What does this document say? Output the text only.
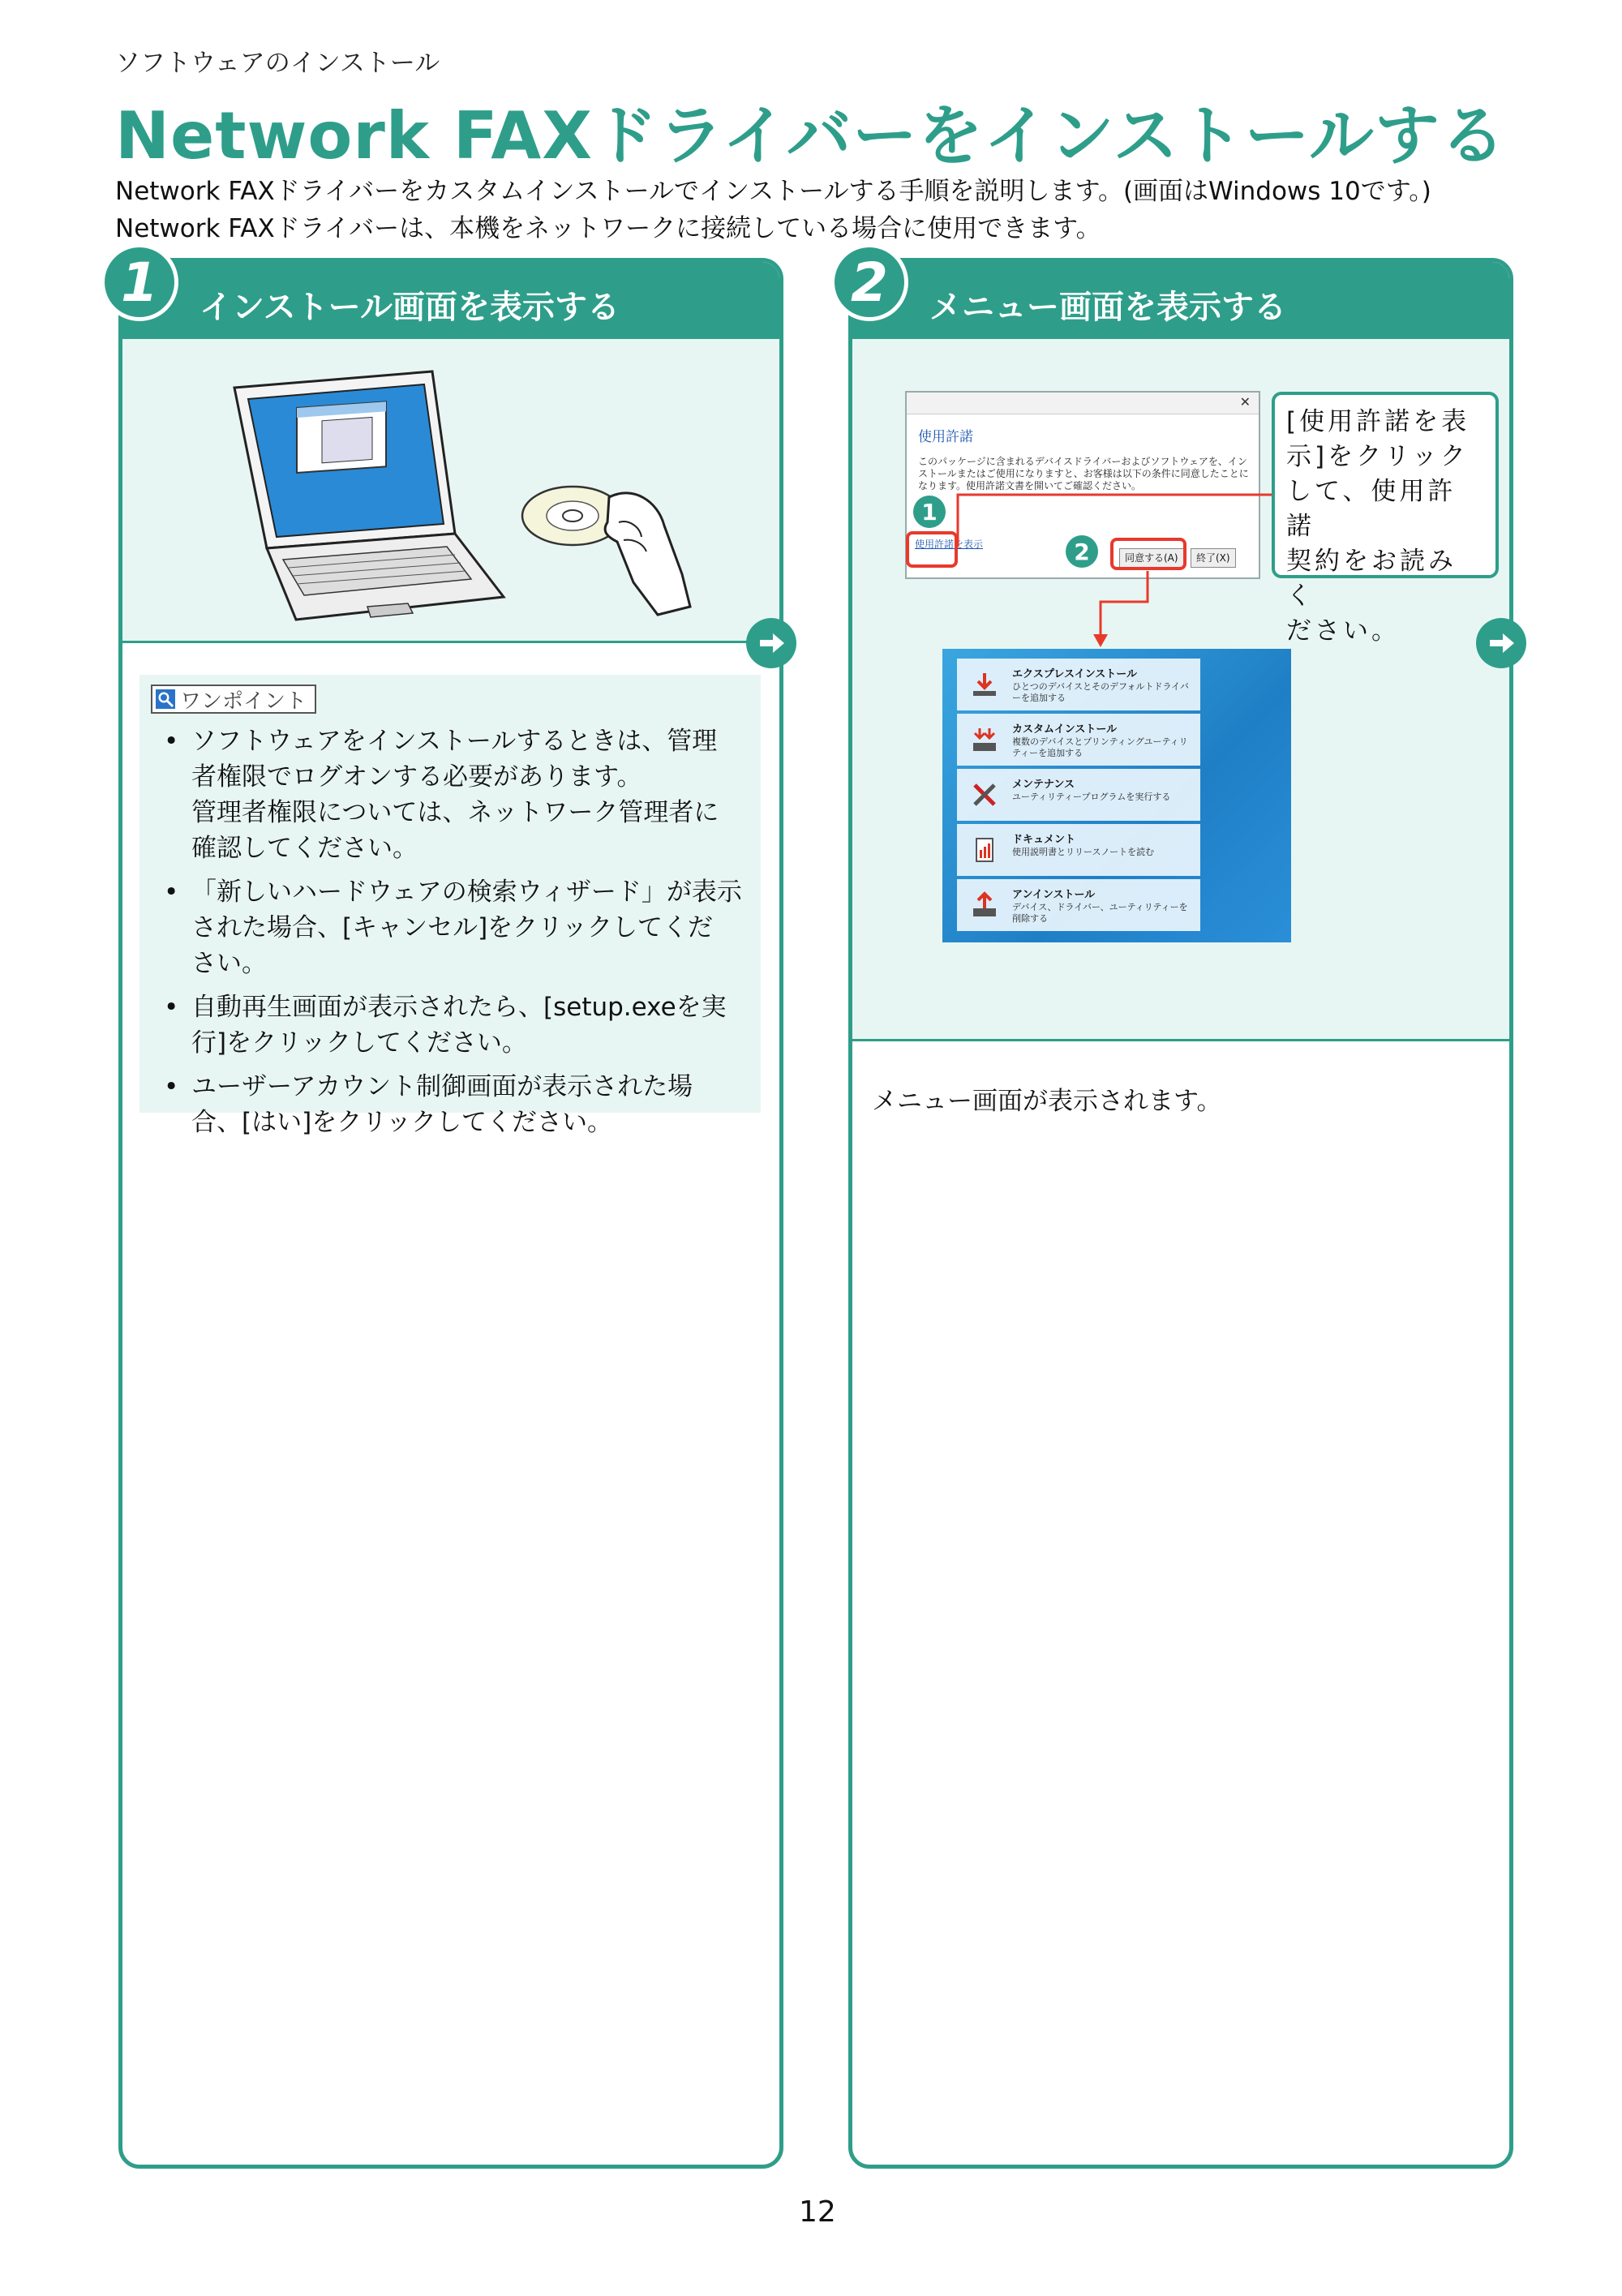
ソフトウェアのインストール
Network FAXドライバーをインストールする
Network FAXドライバーをカスタムインストールでインストールする手順を説明します。(画面はWindows 10です。)
Network FAXドライバーは、本機をネットワークに接続している場合に使用できます。
インストール画面を表示する
1
ワンポイント
• ソフトウェアをインストールするときは、管理
者権限でログオンする必要があります。
管理者権限については、ネットワーク管理者に
確認してください。
• 「新しいハードウェアの検索ウィザード」が表示
された場合、[キャンセル]をクリックしてくだ
さい。
• 自動再生画面が表示されたら、[setup.exeを実
行]をクリックしてください。
• ユーザーアカウント制御画面が表示された場
合、[はい]をクリックしてください。
メニュー画面を表示する
2
✕
使用許諾
このパッケージに含まれるデバイスドライバーおよびソフトウェアを、インストールまたはご使用になりますと、お客様は以下の条件に同意したことになります。使用許諾文書を開いてご確認ください。
使用許諾を表示
同意する(A)	終了(X)
1
2
[使用許諾を表
示]をクリック
して、使用許諾
契約をお読みく
ださい。
エクスプレスインストール
ひとつのデバイスとそのデフォルトドライバーを追加する
カスタムインストール
複数のデバイスとプリンティングユーティリティーを追加する
メンテナンス
ユーティリティープログラムを実行する
ドキュメント
使用説明書とリリースノートを読む
アンインストール
デバイス、ドライバー、ユーティリティーを削除する
メニュー画面が表示されます。
12
